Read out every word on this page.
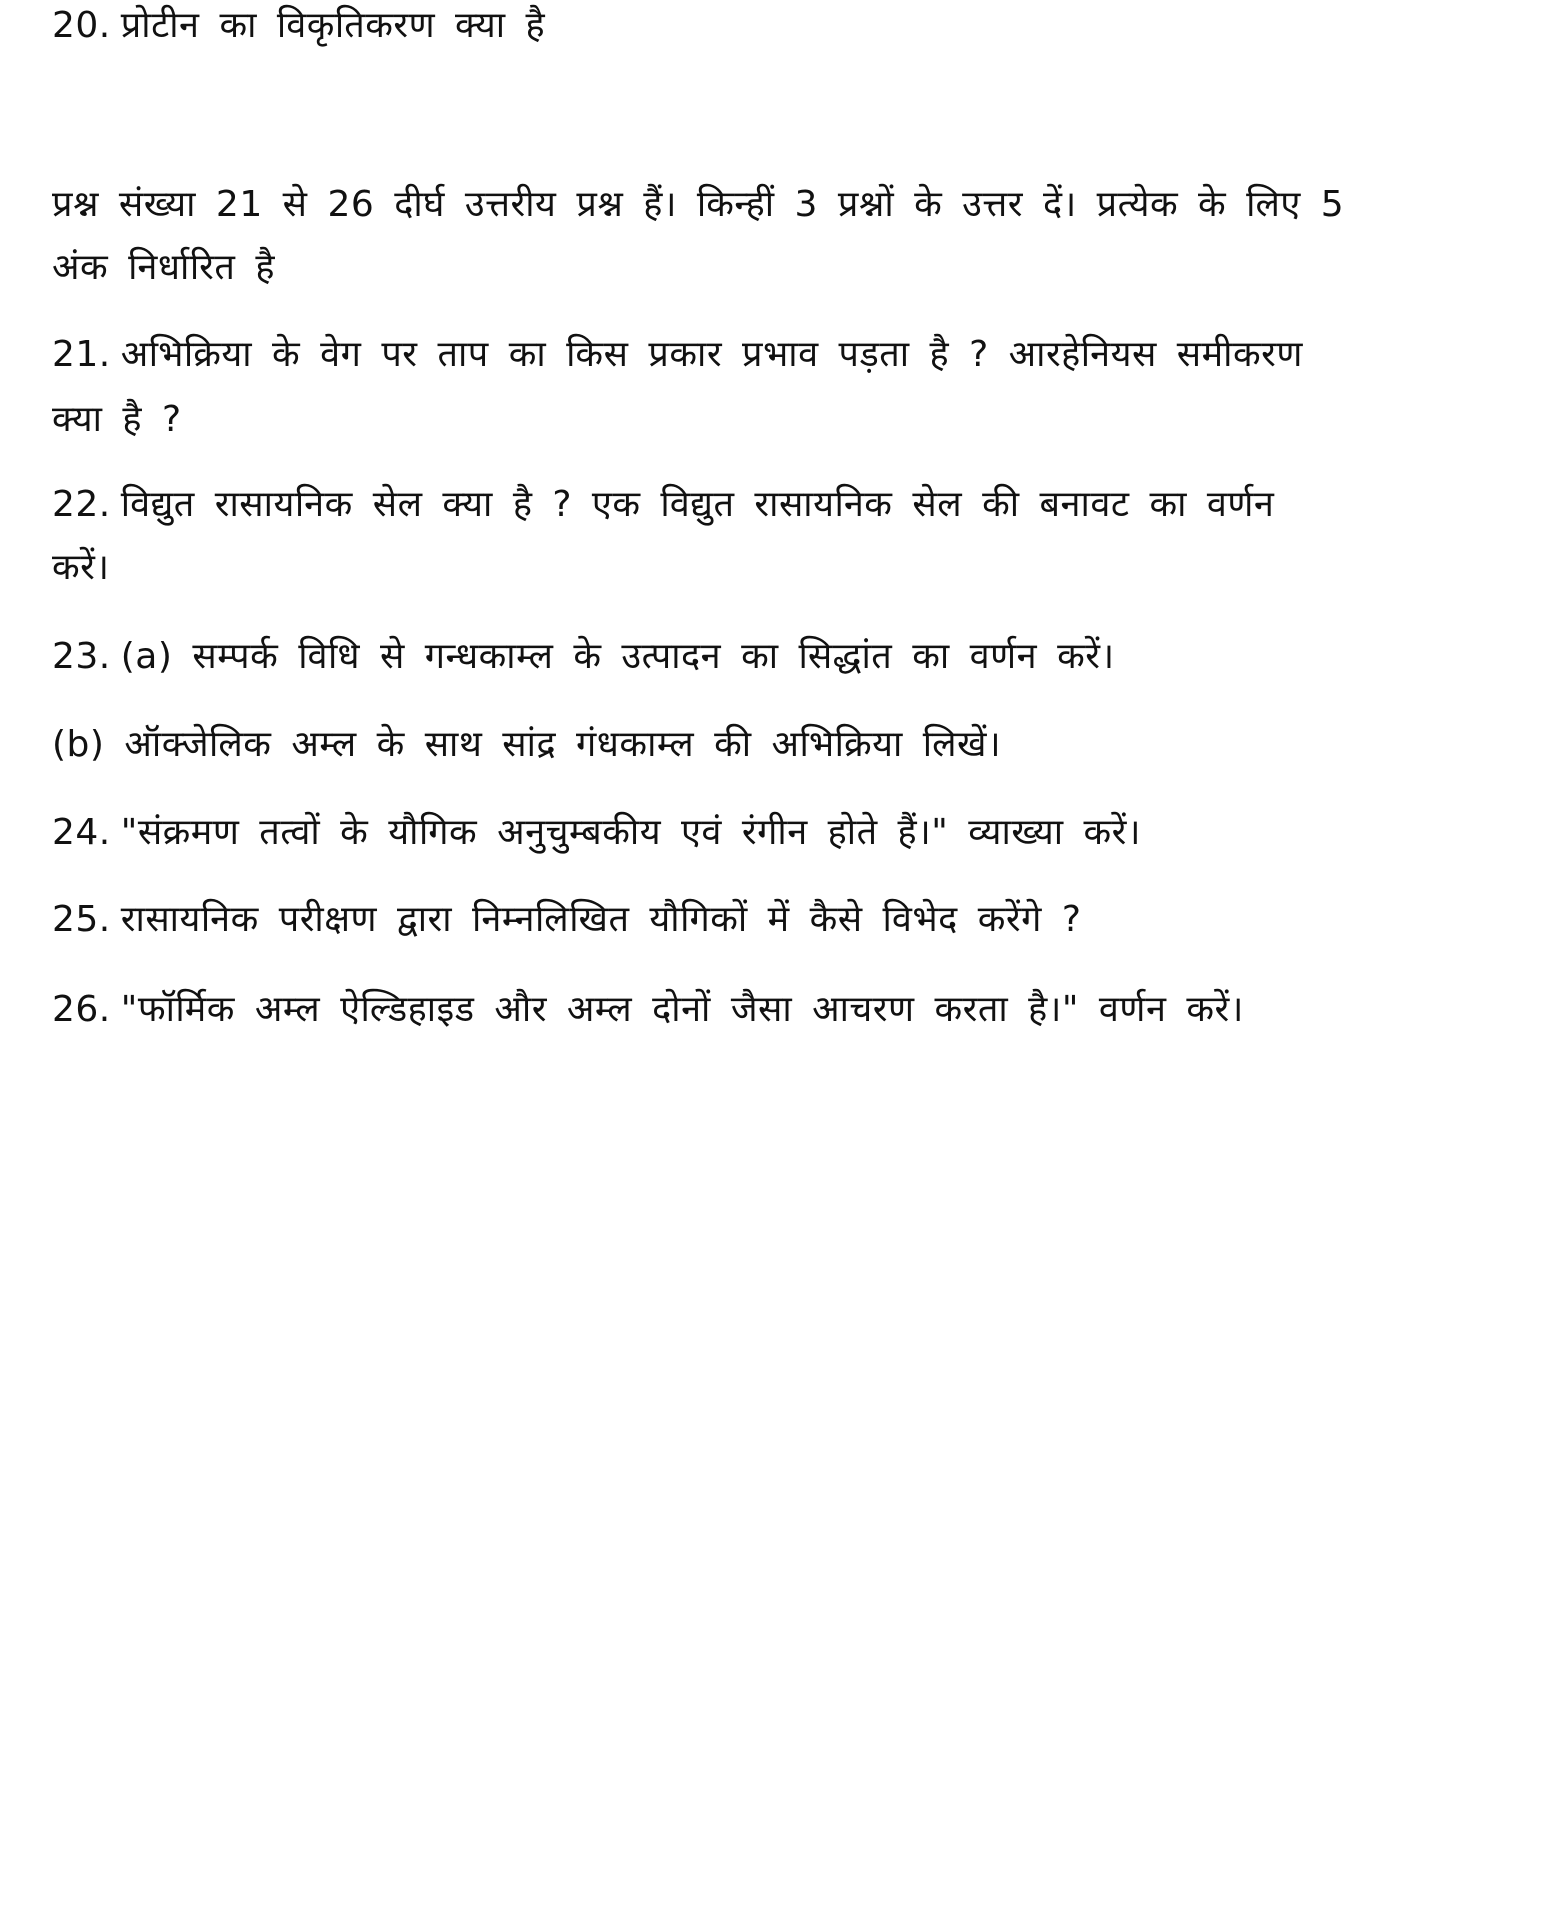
20. प्रोटीन का विकृतिकरण क्या है
प्रश्न संख्या 21 से 26 दीर्घ उत्तरीय प्रश्न हैं। किन्हीं 3 प्रश्नों के उत्तर दें। प्रत्येक के लिए 5
अंक निर्धारित है
21. अभिक्रिया के वेग पर ताप का किस प्रकार प्रभाव पड़ता है ? आरहेनियस समीकरण
क्या है ?
22. विद्युत रासायनिक सेल क्या है ? एक विद्युत रासायनिक सेल की बनावट का वर्णन
करें।
23. (a) सम्पर्क विधि से गन्धकाम्ल के उत्पादन का सिद्धांत का वर्णन करें।
(b) ऑक्जेलिक अम्ल के साथ सांद्र गंधकाम्ल की अभिक्रिया लिखें।
24. "संक्रमण तत्वों के यौगिक अनुचुम्बकीय एवं रंगीन होते हैं।" व्याख्या करें।
25. रासायनिक परीक्षण द्वारा निम्नलिखित यौगिकों में कैसे विभेद करेंगे ?
26. "फॉर्मिक अम्ल ऐल्डिहाइड और अम्ल दोनों जैसा आचरण करता है।" वर्णन करें।
